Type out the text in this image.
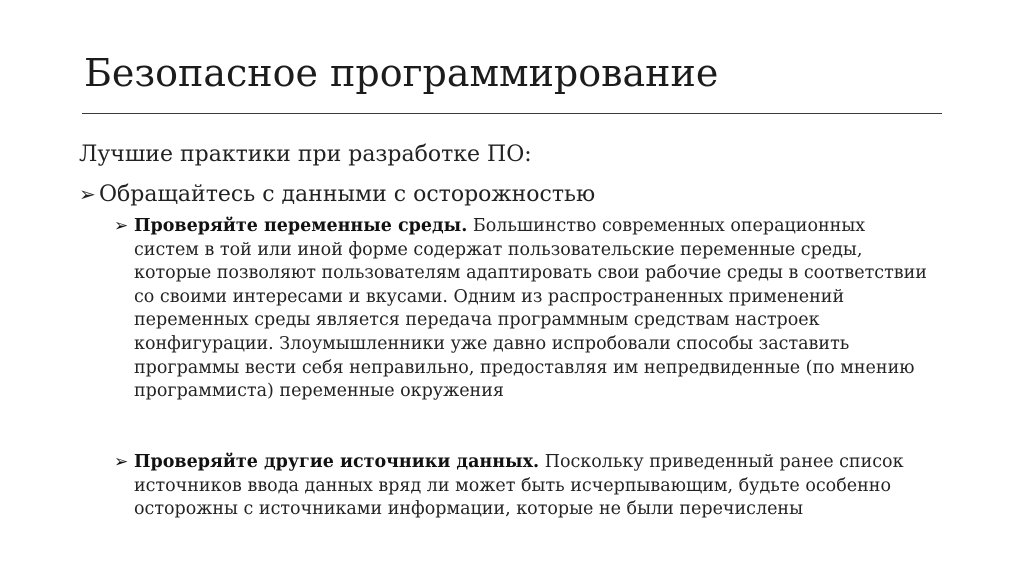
Безопасное программирование
Лучшие практики при разработке ПО:
➢ Обращайтесь с данными с осторожностью
➢ Проверяйте переменные среды. Большинство современных операционных систем в той или иной форме содержат пользовательские переменные среды, которые позволяют пользователям адаптировать свои рабочие среды в соответствии со своими интересами и вкусами. Одним из распространенных применений переменных среды является передача программным средствам настроек конфигурации. Злоумышленники уже давно испробовали способы заставить программы вести себя неправильно, предоставляя им непредвиденные (по мнению программиста) переменные окружения
➢ Проверяйте другие источники данных. Поскольку приведенный ранее список источников ввода данных вряд ли может быть исчерпывающим, будьте особенно осторожны с источниками информации, которые не были перечислены
